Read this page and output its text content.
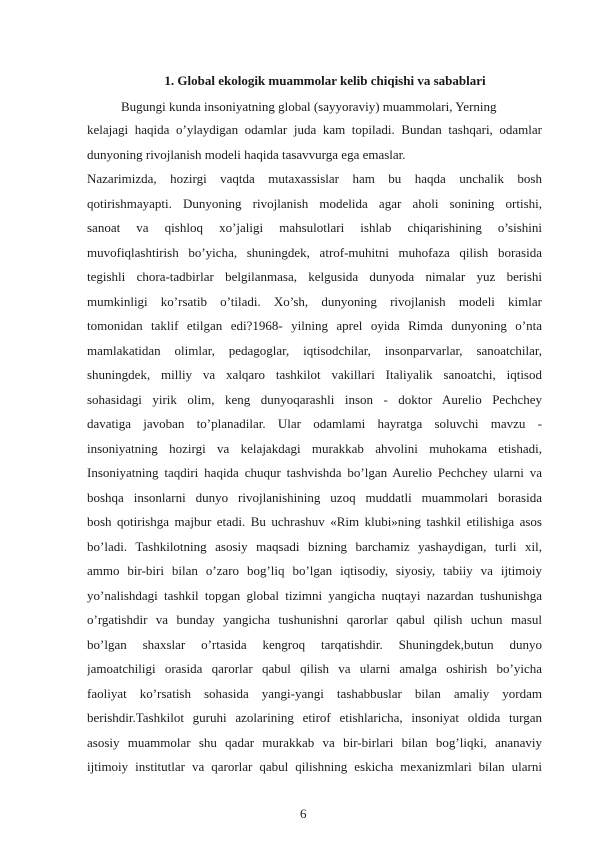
1. Global ekologik muammolar kelib chiqishi va sabablari
Bugungi kunda insoniyatning global (sayyoraviy) muammolari, Yerning
kelajagi haqida o’ylaydigan odamlar juda kam topiladi. Bundan tashqari, odamlar
dunyoning rivojlanish modeli haqida tasavvurga ega emaslar.
Nazarimizda, hozirgi vaqtda mutaxassislar ham bu haqda unchalik bosh
qotirishmayapti. Dunyoning rivojlanish modelida agar aholi sonining ortishi,
sanoat va qishloq xo’jaligi mahsulotlari ishlab chiqarishining o’sishini
muvofiqlashtirish bo’yicha, shuningdek, atrof-muhitni muhofaza qilish borasida
tegishli chora-tadbirlar belgilanmasa, kelgusida dunyoda nimalar yuz berishi
mumkinligi ko’rsatib o’tiladi. Xo’sh, dunyoning rivojlanish modeli kimlar
tomonidan taklif etilgan edi?1968- yilning aprel oyida Rimda dunyoning o’nta
mamlakatidan olimlar, pedagoglar, iqtisodchilar, insonparvarlar, sanoatchilar,
shuningdek, milliy va xalqaro tashkilot vakillari Italiyalik sanoatchi, iqtisod
sohasidagi yirik olim, keng dunyoqarashli inson - doktor Aurelio Pechchey
davatiga javoban to’planadilar. Ular odamlami hayratga soluvchi mavzu -
insoniyatning hozirgi va kelajakdagi murakkab ahvolini muhokama etishadi,
Insoniyatning taqdiri haqida chuqur tashvishda bo’lgan Aurelio Pechchey ularni va
boshqa insonlarni dunyo rivojlanishining uzoq muddatli muammolari borasida
bosh qotirishga majbur etadi. Bu uchrashuv «Rim klubi»ning tashkil etilishiga asos
bo’ladi. Tashkilotning asosiy maqsadi bizning barchamiz yashaydigan, turli xil,
ammo bir-biri bilan o’zaro bog’liq bo’lgan iqtisodiy, siyosiy, tabiiy va ijtimoiy
yo’nalishdagi tashkil topgan global tizimni yangicha nuqtayi nazardan tushunishga
o’rgatishdir va bunday yangicha tushunishni qarorlar qabul qilish uchun masul
bo’lgan shaxslar o’rtasida kengroq tarqatishdir. Shuningdek,butun dunyo
jamoatchiligi orasida qarorlar qabul qilish va ularni amalga oshirish bo’yicha
faoliyat ko’rsatish sohasida yangi-yangi tashabbuslar bilan amaliy yordam
berishdir.Tashkilot guruhi azolarining etirof etishlaricha, insoniyat oldida turgan
asosiy muammolar shu qadar murakkab va bir-birlari bilan bog’liqki, ananaviy
ijtimoiy institutlar va qarorlar qabul qilishning eskicha mexanizmlari bilan ularni
6
